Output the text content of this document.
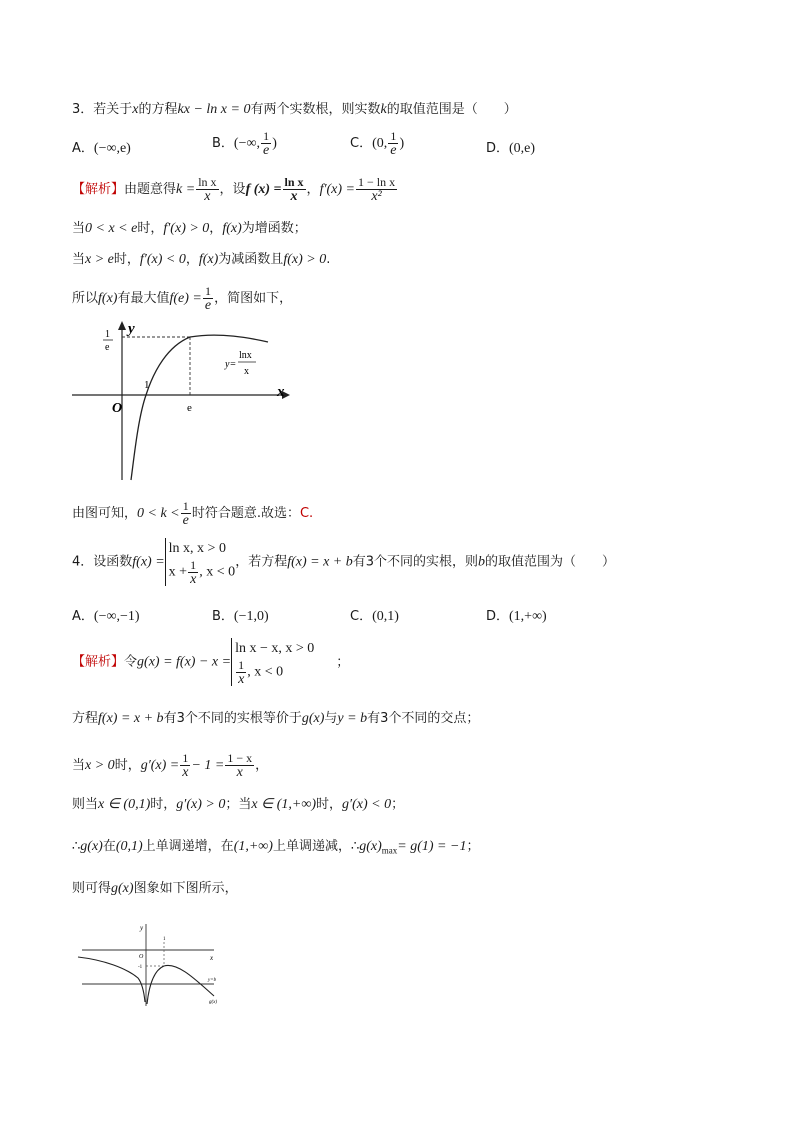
3．若关于x的方程kx − ln x = 0有两个实数根，则实数k的取值范围是（　　）
A．(−∞,e)	B．(−∞, $\frac{1}{e}$ )	C．(0, $\frac{1}{e}$ )	D．(0,e)
【解析】由题意得$k = \frac{\text{ln x}}{x}$ ，设f $(x) = \frac{\text{ln x}}{x}$ ，$f'(x) = \frac{\text{1 − ln x}}{\text{x²}}$
当0 < x < e时，f′(x) > 0，f(x)为增函数；
当x > e时，f′(x) < 0，f(x)为减函数且f(x) > 0.
所以f(x)有最大值$f(e) = \frac{1}{e}$ ，简图如下，
y
x
O
1
e
1
e
y=
lnx
x
由图可知，$0 < k < \frac{1}{e}$ 时符合题意.故选：C.
4．设函数f(x) =ln x, x > 0
$x + \frac{1}{x}$ , x < 0，若方程f(x) = x + b有3个不同的实根，则b的取值范围为（　　）
A．(−∞,−1)	B．(−1,0)	C．(0,1)	D．(1,+∞)
【解析】令g(x) = f(x) − x =ln x − x, x > 0

$\frac{1}{x}$ , x < 0；
方程f(x) = x + b有3个不同的实根等价于g(x)与y = b有3个不同的交点；
当x > 0时，$g'(x) = \frac{1}{x} - 1 = \frac{1 - x}{x}$ ，
则当x ∈ (0,1)时，g′(x) > 0；当x ∈ (1,+∞)时，g′(x) < 0；
∴g(x)在(0,1)上单调递增，在(1,+∞)上单调递减，$\therefore g(x)_{max}= g(1) = -1$；
则可得g(x)图象如下图所示，
y
x
O
-1
1
y=b
g(x)
